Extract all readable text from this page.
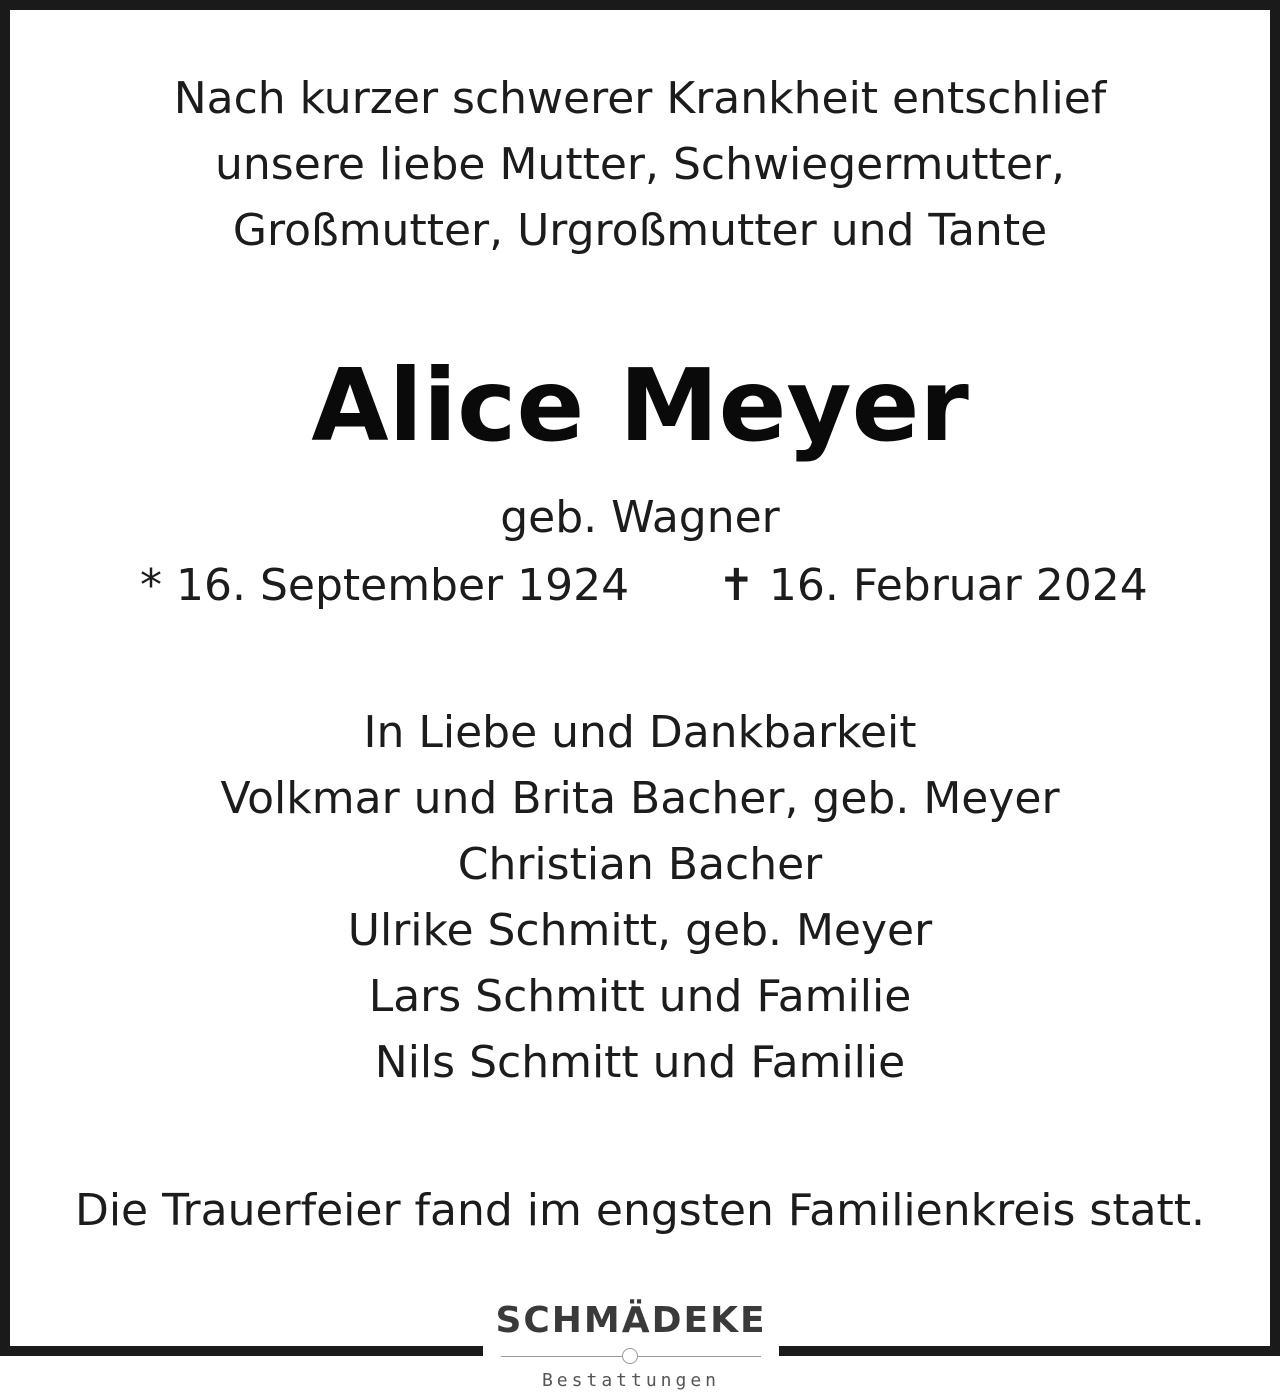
Nach kurzer schwerer Krankheit entschlief
unsere liebe Mutter, Schwiegermutter,
Großmutter, Urgroßmutter und Tante
Alice Meyer
geb. Wagner
* 16. September 1924 ✝ 16. Februar 2024
In Liebe und Dankbarkeit
Volkmar und Brita Bacher, geb. Meyer
Christian Bacher
Ulrike Schmitt, geb. Meyer
Lars Schmitt und Familie
Nils Schmitt und Familie
Die Trauerfeier fand im engsten Familienkreis statt.
SCHMÄDEKE
Bestattungen
